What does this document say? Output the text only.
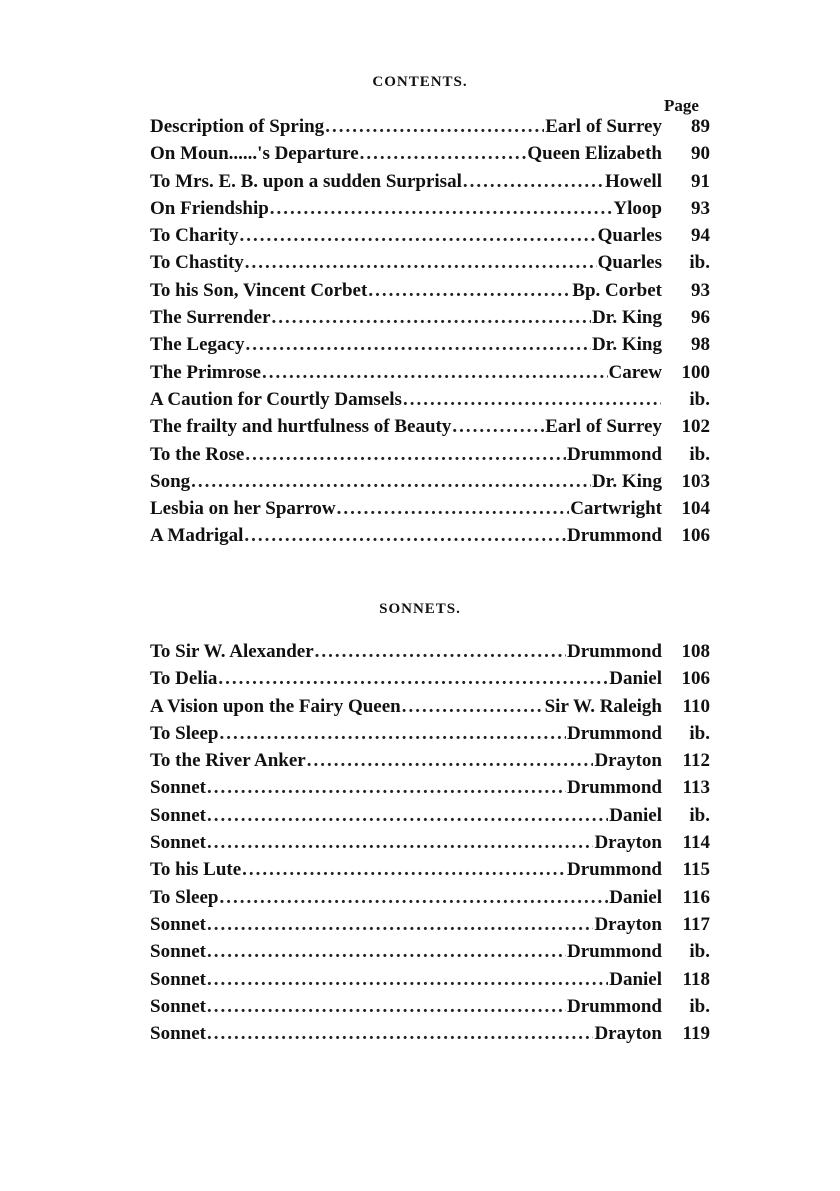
CONTENTS.
Page
Description of Spring .....	Earl of Surrey	89
On Moun......'s Departure .....	Queen Elizabeth	90
To Mrs. E. B. upon a sudden Surprisal .....	Howell	91
On Friendship .....	Yloop	93
To Charity .....	Quarles	94
To Chastity .....	Quarles	ib.
To his Son, Vincent Corbet .....	Bp. Corbet	93
The Surrender .....	Dr. King	96
The Legacy .....	Dr. King	98
The Primrose .....	Carew	100
A Caution for Courtly Damsels .....	ib.
The frailty and hurtfulness of Beauty .....	Earl of Surrey	102
To the Rose .....	Drummond	ib.
Song .....	Dr. King	103
Lesbia on her Sparrow .....	Cartwright	104
A Madrigal .....	Drummond	106
SONNETS.
To Sir W. Alexander .....	Drummond	108
To Delia .....	Daniel	106
A Vision upon the Fairy Queen .....	Sir W. Raleigh	110
To Sleep .....	Drummond	ib.
To the River Anker .....	Drayton	112
Sonnet .....	Drummond	113
Sonnet .....	Daniel	ib.
Sonnet .....	Drayton	114
To his Lute .....	Drummond	115
To Sleep .....	Daniel	116
Sonnet .....	Drayton	117
Sonnet .....	Drummond	ib.
Sonnet .....	Daniel	118
Sonnet .....	Drummond	ib.
Sonnet .....	Drayton	119
